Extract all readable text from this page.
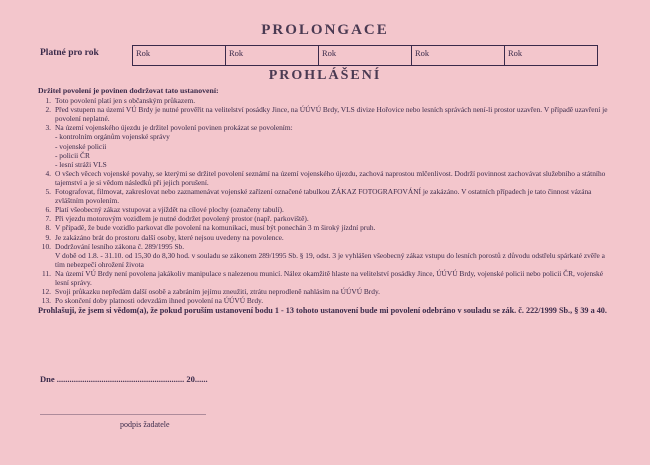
PROLONGACE
Platné pro rok	Rok	Rok	Rok	Rok	Rok
PROHLÁŠENÍ
Držitel povolení je povinen dodržovat tato ustanovení:
1. Toto povolení platí jen s občanským průkazem.
2. Před vstupem na území VÚ Brdy je nutné prověřit na velitelství posádky Jince, na ÚÚVÚ Brdy, VLS divize Hořovice nebo lesních správách není-li prostor uzavřen. V případě uzavření je povolení neplatné.
3. Na území vojenského újezdu je držitel povolení povinen prokázat se povolením:
- kontrolním orgánům vojenské správy
- vojenské policii
- policii ČR
- lesní stráži VLS
4. O všech věcech vojenské povahy, se kterými se držitel povolení seznámí na území vojenského újezdu, zachová naprostou mlčenlivost. Dodrží povinnost zachovávat služebního a státního tajemství a je si vědom následků při jejich porušení.
5. Fotografovat, filmovat, zakreslovat nebo zaznamenávat vojenské zařízení označené tabulkou ZÁKAZ FOTOGRAFOVÁNÍ je zakázáno. V ostatních případech je tato činnost vázána zvláštním povolením.
6. Platí všeobecný zákaz vstupovat a vjíždět na cílové plochy (označeny tabulí).
7. Při vjezdu motorovým vozidlem je nutné dodržet povolený prostor (např. parkoviště).
8. V případě, že bude vozidlo parkovat dle povolení na komunikaci, musí být ponechán 3 m široký jízdní pruh.
9. Je zakázáno brát do prostoru další osoby, které nejsou uvedeny na povolence.
10. Dodržování lesního zákona č. 289/1995 Sb.
V době od 1.8. - 31.10. od 15,30 do 8,30 hod. v souladu se zákonem 289/1995 Sb. § 19, odst. 3 je vyhlášen všeobecný zákaz vstupu do lesních porostů z důvodu odstřelu spárkaté zvěře a tím nebezpečí ohrožení života
11. Na území VÚ Brdy není povolena jakákoliv manipulace s nalezenou municí. Nález okamžitě hlaste na velitelství posádky Jince, ÚÚVÚ Brdy, vojenské policii nebo policii ČR, vojenské lesní správy.
12. Svoji průkazku nepředám další osobě a zabráním jejímu zneužití, ztrátu neprodleně nahlásím na ÚÚVÚ Brdy.
13. Po skončení doby platnosti odevzdám ihned povolení na ÚÚVÚ Brdy.
Prohlašuji, že jsem si vědom(a), že pokud poruším ustanovení bodu 1 - 13 tohoto ustanovení bude mi povolení odebráno v souladu se zák. č. 222/1999 Sb., § 39 a 40.
Dne ............................................................ 20......
...................................................................................
podpis žadatele
